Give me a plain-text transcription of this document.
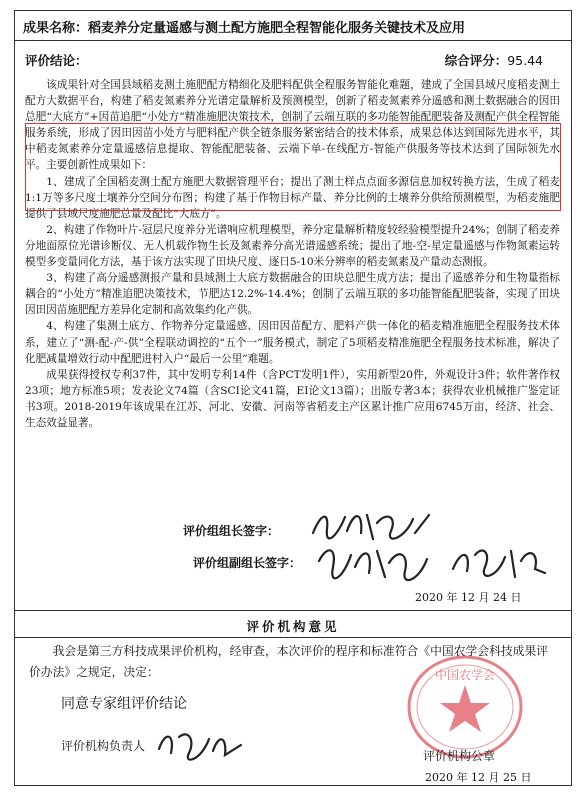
成果名称：稻麦养分定量遥感与测土配方施肥全程智能化服务关键技术及应用
评价结论：	综合评分：95.44

该成果针对全国县域稻麦测土施肥配方精细化及肥料配供全程服务智能化难题，建成了全国县域尺度稻麦测土配方大数据平台，构建了稻麦氮素养分光谱定量解析及预测模型，创新了稻麦氮素养分遥感和测土数据融合的因田总肥“大底方”+因苗追肥“小处方”精准施肥决策技术，创制了云端互联的多功能智能配肥装备及测配产供全程智能服务系统，形成了因田因苗小处方与肥料配产供全链条服务紧密结合的技术体系，成果总体达到国际先进水平，其中稻麦氮素养分定量遥感信息提取、智能配肥装备、云端下单-在线配方-智能产供服务等技术达到了国际领先水平。主要创新性成果如下：

1、建成了全国稻麦测土配方施肥大数据管理平台；提出了测土样点点面多源信息加权转换方法，生成了稻麦1:1万等多尺度土壤养分空间分布图；构建了基于作物目标产量、养分比例的土壤养分供给预测模型，为稻麦施肥提供了县域尺度施肥总量及配比“大底方”。

2、构建了作物叶片-冠层尺度养分光谱响应机理模型，养分定量解析精度较经验模型提升24%；创制了稻麦养分地面原位光谱诊断仪、无人机载作物生长及氮素养分高光谱遥感系统；提出了地-空-星定量遥感与作物氮素运转模型多变量同化方法，基于该方法实现了田块尺度、逐日5-10米分辨率的稻麦氮素及产量动态测报。

3、构建了高分遥感测报产量和县域测土大底方数据融合的田块总肥生成方法；提出了遥感养分和生物量指标耦合的“小处方”精准追肥决策技术，节肥达12.2%-14.4%；创制了云端互联的多功能智能配肥装备，实现了田块因田因苗施肥配方差异化定制和高效集约化产供。

4、构建了集测土底方、作物养分定量遥感、因田因苗配方、肥料产供一体化的稻麦精准施肥全程服务技术体系，建立了“测-配-产-供”全程联动调控的“五个一”服务模式，制定了5项稻麦精准施肥全程服务技术标准，解决了化肥减量增效行动中配肥进村入户“最后一公里”难题。

成果获得授权专利37件，其中发明专利14件（含PCT发明1件），实用新型20件，外观设计3件；软件著作权23项；地方标准5项；发表论文74篇（含SCI论文41篇，EI论文13篇）；出版专著3本；获得农业机械推广鉴定证书3项。2018-2019年该成果在江苏、河北、安徽、河南等省稻麦主产区累计推广应用6745万亩，经济、社会、生态效益显著。

评价组组长签字：
评价组副组长签字：
2020 年 12 月 24 日
评价机构意见

我会是第三方科技成果评价机构，经审查，本次评价的程序和标准符合《中国农学会科技成果评价办法》之规定，决定：

同意专家组评价结论
评价机构负责人
中国农学会
评价机构公章
2020 年 12 月 25 日
